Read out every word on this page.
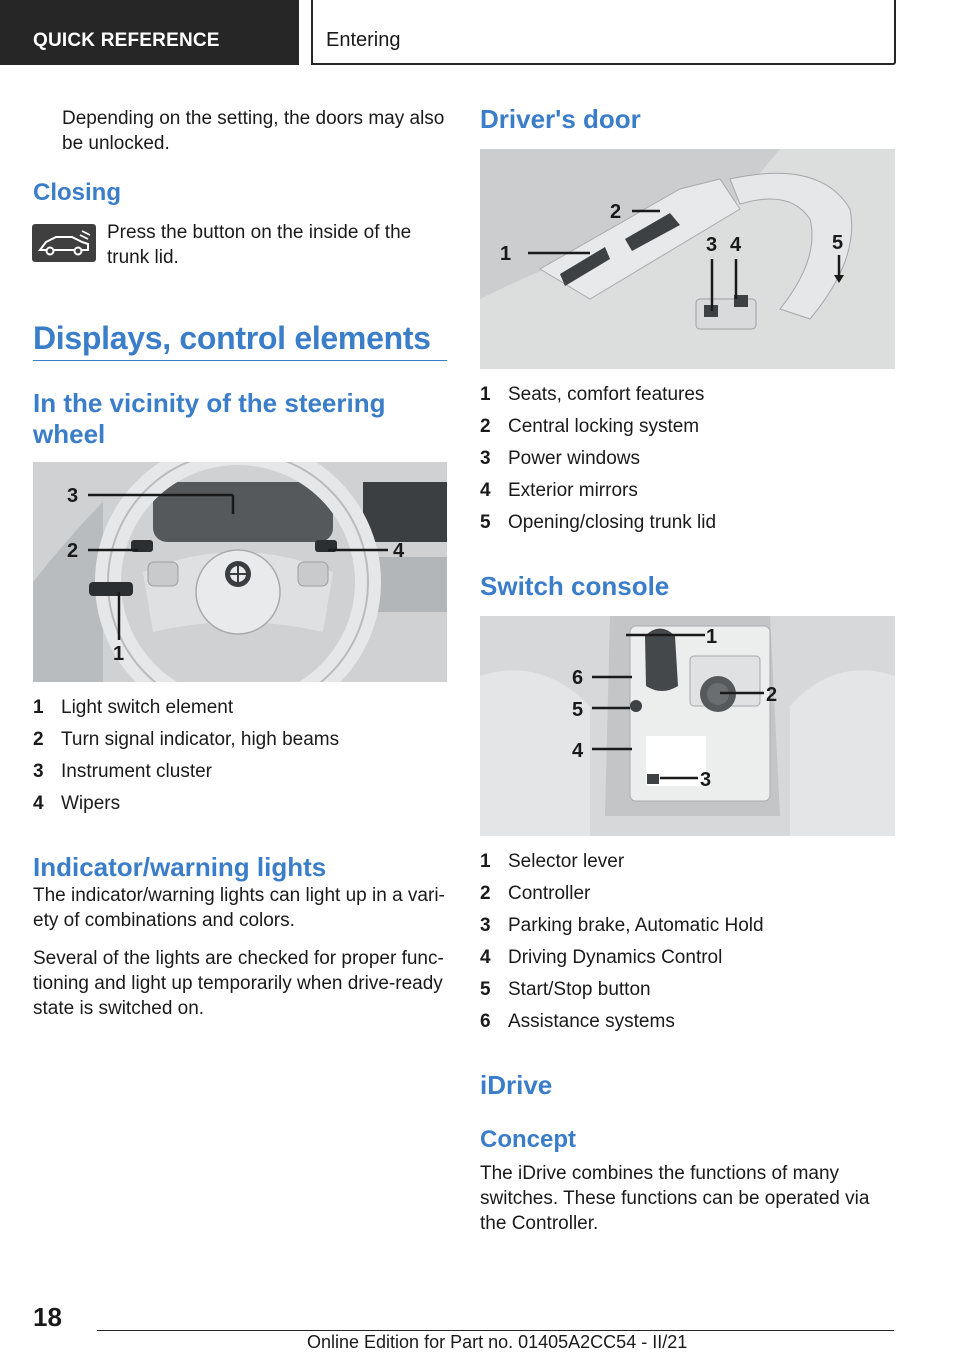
QUICK REFERENCE	Entering
Depending on the setting, the doors may also
be unlocked.
Closing
Press the button on the inside of the
trunk lid.
Displays, control elements
In the vicinity of the steering
wheel
1
2
3
4
1 Light switch element
2 Turn signal indicator, high beams
3 Instrument cluster
4 Wipers
Indicator/warning lights
The indicator/warning lights can light up in a vari-
ety of combinations and colors.
Several of the lights are checked for proper func-
tioning and light up temporarily when drive-ready
state is switched on.
Driver's door
1
2
3 4	5
1 Seats, comfort features
2 Central locking system
3 Power windows
4 Exterior mirrors
5 Opening/closing trunk lid
Switch console
1
2
3
4
5
6
1 Selector lever
2 Controller
3 Parking brake, Automatic Hold
4 Driving Dynamics Control
5 Start/Stop button
6 Assistance systems
iDrive
Concept
The iDrive combines the functions of many
switches. These functions can be operated via
the Controller.
18
Online Edition for Part no. 01405A2CC54 - II/21
